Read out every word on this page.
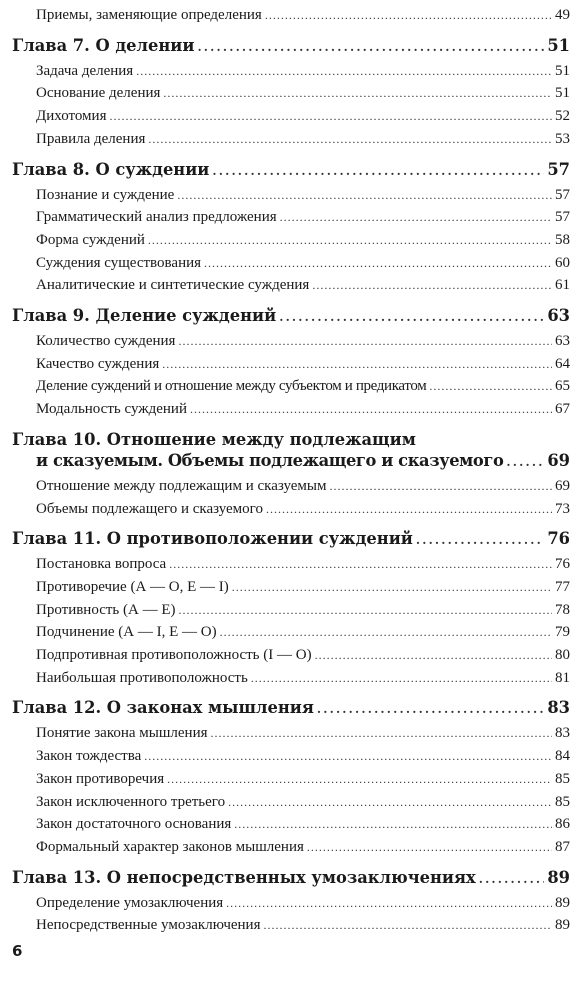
Приемы, заменяющие определения . . .	49
Глава 7. О делении . . .	51
Задача деления . . .	51
Основание деления . . .	51
Дихотомия . . .	52
Правила деления . . .	53
Глава 8. О суждении . . .	57
Познание и суждение . . .	57
Грамматический анализ предложения . . .	57
Форма суждений . . .	58
Суждения существования . . .	60
Аналитические и синтетические суждения . . .	61
Глава 9. Деление суждений . . .	63
Количество суждения . . .	63
Качество суждения . . .	64
Деление суждений и отношение между субъектом и предикатом . . .	65
Модальность суждений . . .	67
Глава 10. Отношение между подлежащим
и сказуемым. Объемы подлежащего и сказуемого . . .	69
Отношение между подлежащим и сказуемым . . .	69
Объемы подлежащего и сказуемого . . .	73
Глава 11. О противоположении суждений . . .	76
Постановка вопроса . . .	76
Противоречие (А — О, Е — I) . . .	77
Противность (А — Е) . . .	78
Подчинение (А — I, Е — О) . . .	79
Подпротивная противоположность (I — О) . . .	80
Наибольшая противоположность . . .	81
Глава 12. О законах мышления . . .	83
Понятие закона мышления . . .	83
Закон тождества . . .	84
Закон противоречия . . .	85
Закон исключенного третьего . . .	85
Закон достаточного основания . . .	86
Формальный характер законов мышления . . .	87
Глава 13. О непосредственных умозаключениях . . .	89
Определение умозаключения . . .	89
Непосредственные умозаключения . . .	89
6
